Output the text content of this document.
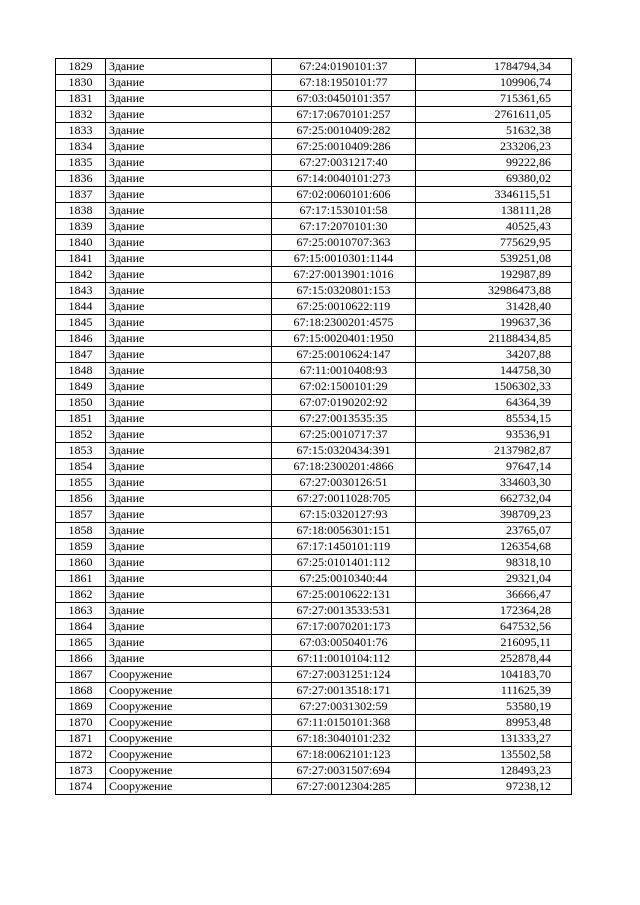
1829	Здание	67:24:0190101:37	1784794,34
1830	Здание	67:18:1950101:77	109906,74
1831	Здание	67:03:0450101:357	715361,65
1832	Здание	67:17:0670101:257	2761611,05
1833	Здание	67:25:0010409:282	51632,38
1834	Здание	67:25:0010409:286	233206,23
1835	Здание	67:27:0031217:40	99222,86
1836	Здание	67:14:0040101:273	69380,02
1837	Здание	67:02:0060101:606	3346115,51
1838	Здание	67:17:1530101:58	138111,28
1839	Здание	67:17:2070101:30	40525,43
1840	Здание	67:25:0010707:363	775629,95
1841	Здание	67:15:0010301:1144	539251,08
1842	Здание	67:27:0013901:1016	192987,89
1843	Здание	67:15:0320801:153	32986473,88
1844	Здание	67:25:0010622:119	31428,40
1845	Здание	67:18:2300201:4575	199637,36
1846	Здание	67:15:0020401:1950	21188434,85
1847	Здание	67:25:0010624:147	34207,88
1848	Здание	67:11:0010408:93	144758,30
1849	Здание	67:02:1500101:29	1506302,33
1850	Здание	67:07:0190202:92	64364,39
1851	Здание	67:27:0013535:35	85534,15
1852	Здание	67:25:0010717:37	93536,91
1853	Здание	67:15:0320434:391	2137982,87
1854	Здание	67:18:2300201:4866	97647,14
1855	Здание	67:27:0030126:51	334603,30
1856	Здание	67:27:0011028:705	662732,04
1857	Здание	67:15:0320127:93	398709,23
1858	Здание	67:18:0056301:151	23765,07
1859	Здание	67:17:1450101:119	126354,68
1860	Здание	67:25:0101401:112	98318,10
1861	Здание	67:25:0010340:44	29321,04
1862	Здание	67:25:0010622:131	36666,47
1863	Здание	67:27:0013533:531	172364,28
1864	Здание	67:17:0070201:173	647532,56
1865	Здание	67:03:0050401:76	216095,11
1866	Здание	67:11:0010104:112	252878,44
1867	Сооружение	67:27:0031251:124	104183,70
1868	Сооружение	67:27:0013518:171	111625,39
1869	Сооружение	67:27:0031302:59	53580,19
1870	Сооружение	67:11:0150101:368	89953,48
1871	Сооружение	67:18:3040101:232	131333,27
1872	Сооружение	67:18:0062101:123	135502,58
1873	Сооружение	67:27:0031507:694	128493,23
1874	Сооружение	67:27:0012304:285	97238,12
